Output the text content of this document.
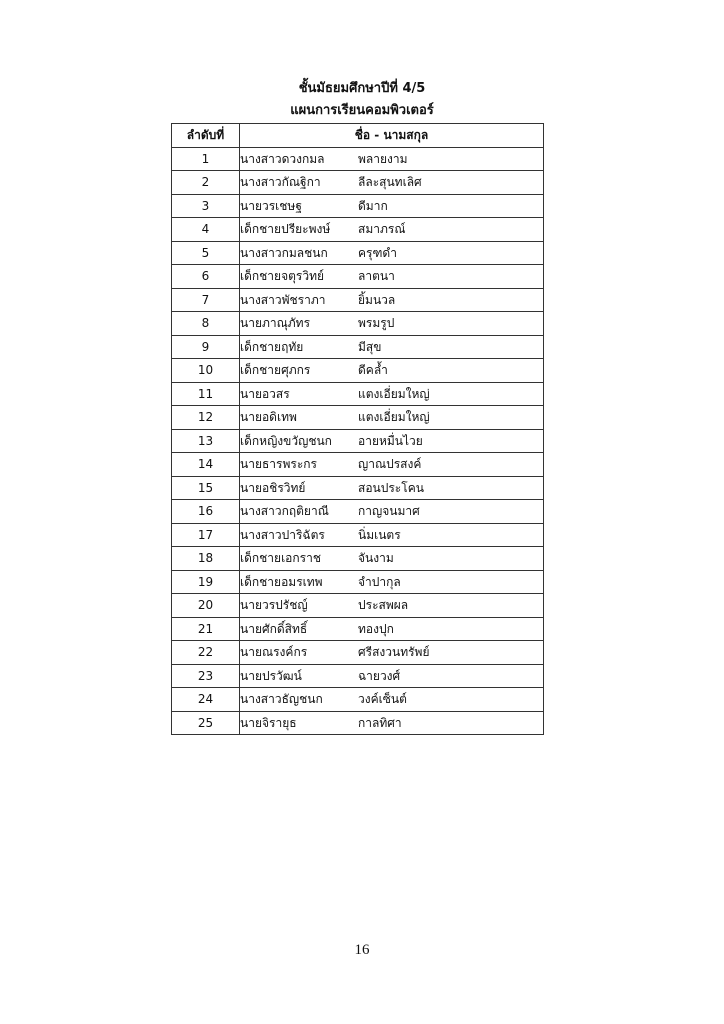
ชั้นมัธยมศึกษาปีที่ 4/5
แผนการเรียนคอมพิวเตอร์
ลำดับที่	ชื่อ - นามสกุล
1	นางสาวดวงกมล พลายงาม
2	นางสาวกัณฐิกา ลีละสุนทเลิศ
3	นายวรเชษฐ ดีมาก
4	เด็กชายปรียะพงษ์ สมาภรณ์
5	นางสาวกมลชนก ครุฑดำ
6	เด็กชายจตุรวิทย์ ลาตนา
7	นางสาวพัชราภา ยิ้มนวล
8	นายภาณุภัทร พรมรูป
9	เด็กชายฤทัย มีสุข
10	เด็กชายศุภกร ดีคล้ำ
11	นายอวสร แตงเอี่ยมใหญ่
12	นายอดิเทพ แตงเอี่ยมใหญ่
13	เด็กหญิงขวัญชนก อายหมื่นไวย
14	นายธารพระกร ญาณปรสงค์
15	นายอชิรวิทย์ สอนประโคน
16	นางสาวกฤติยาณี กาญจนมาศ
17	นางสาวปาริฉัตร นิ่มเนตร
18	เด็กชายเอกราช จันงาม
19	เด็กชายอมรเทพ จำปากุล
20	นายวรปรัชญ์ ประสพผล
21	นายศักดิ์สิทธิ์ ทองปุก
22	นายณรงค์กร ศรีสงวนทรัพย์
23	นายปรวัฒน์ ฉายวงศ์
24	นางสาวธัญชนก วงค์เซ็นต์
25	นายจิรายุธ กาลทิศา
16
